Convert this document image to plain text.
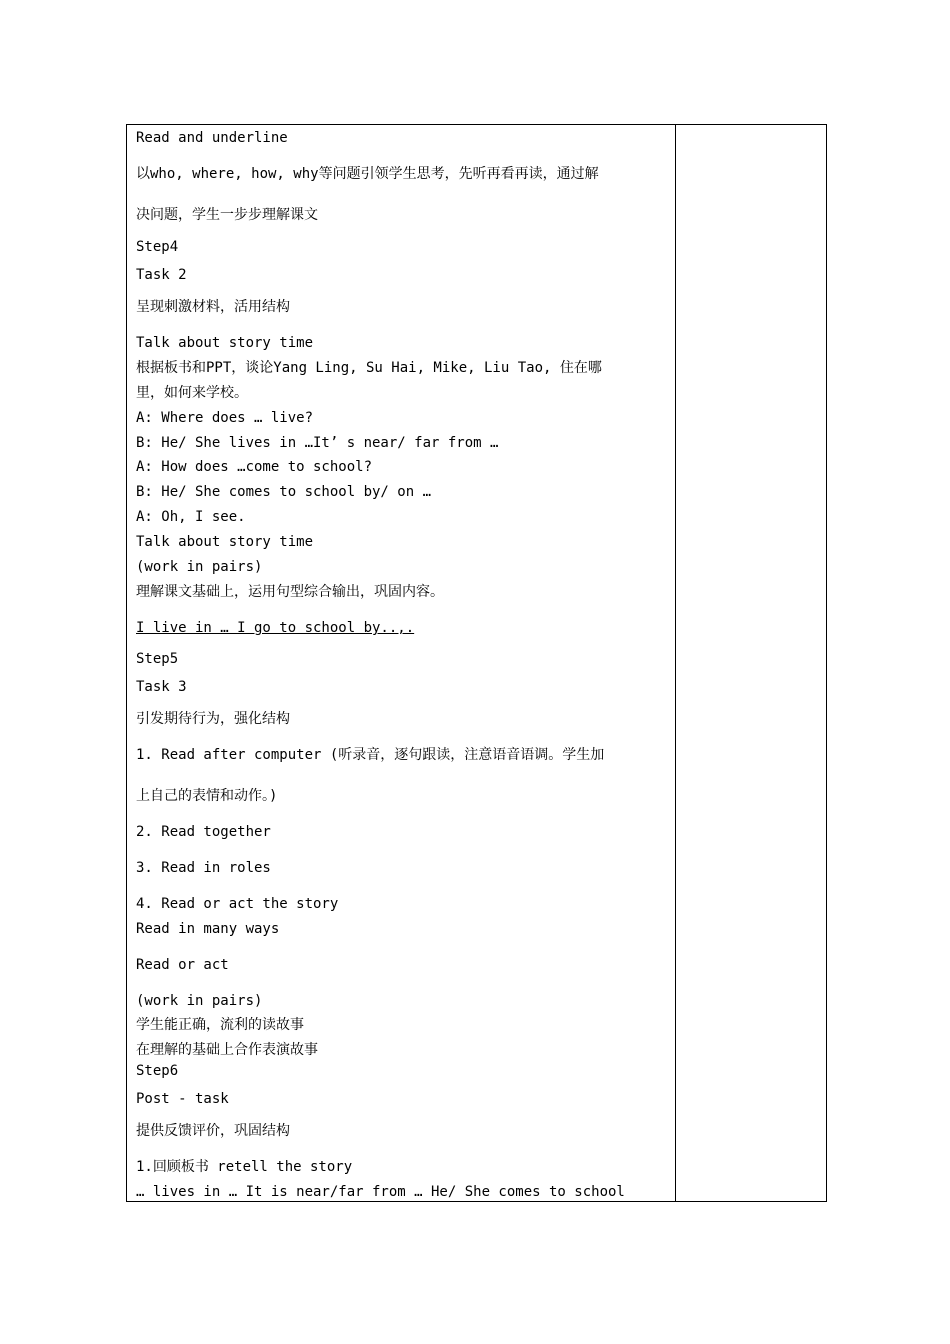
Read and underline
以who, where, how, why等问题引领学生思考，先听再看再读，通过解
决问题，学生一步步理解课文
Step4
Task 2
呈现刺激材料，活用结构
Talk about story time
根据板书和PPT，谈论Yang Ling, Su Hai, Mike, Liu Tao, 住在哪
里，如何来学校。
A: Where does … live?
B: He/ She lives in …It’ s near/ far from …
A: How does …come to school?
B: He/ She comes to school by/ on …
A: Oh, I see.
Talk about story time
(work in pairs)
理解课文基础上，运用句型综合输出，巩固内容。
I live in … I go to school by..,.
Step5
Task 3
引发期待行为，强化结构
1. Read after computer (听录音，逐句跟读，注意语音语调。学生加
上自己的表情和动作。)
2. Read together
3. Read in roles
4. Read or act the story
Read in many ways
Read or act
(work in pairs)
学生能正确，流利的读故事
在理解的基础上合作表演故事
Step6
Post - task
提供反馈评价，巩固结构
1.回顾板书 retell the story
… lives in … It is near/far from … He/ She comes to school
